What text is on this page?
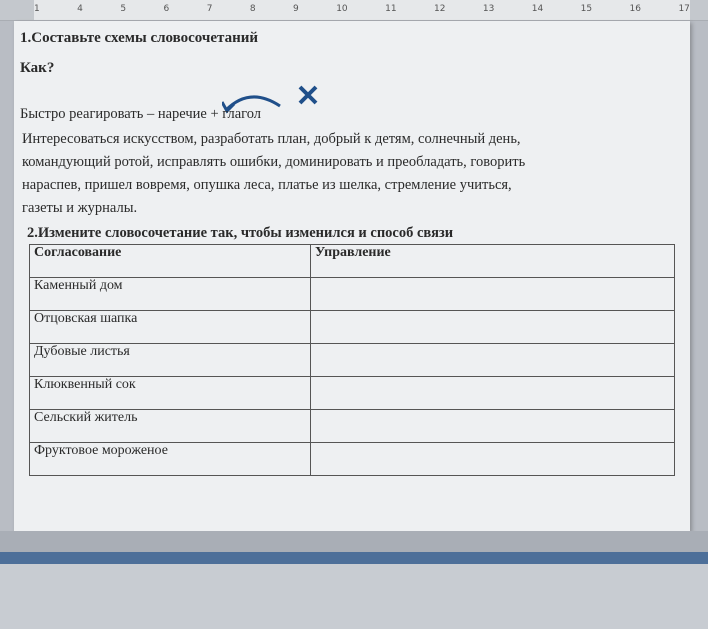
1	4	5	6	7	8	9	10	11	12	13	14	15	16	17
1.Составьте схемы словосочетаний
Как?
Быстро реагировать – наречие + глагол
Интересоваться искусством, разработать план, добрый к детям, солнечный день,
командующий ротой, исправлять ошибки, доминировать и преобладать, говорить
нараспев, пришел вовремя, опушка леса, платье из шелка, стремление учиться,
газеты и журналы.
2.Измените словосочетание так, чтобы изменился и способ связи
Согласование	Управление
Каменный дом	
Отцовская шапка	
Дубовые листья	
Клюквенный сок	
Сельский житель	
Фруктовое мороженое	
